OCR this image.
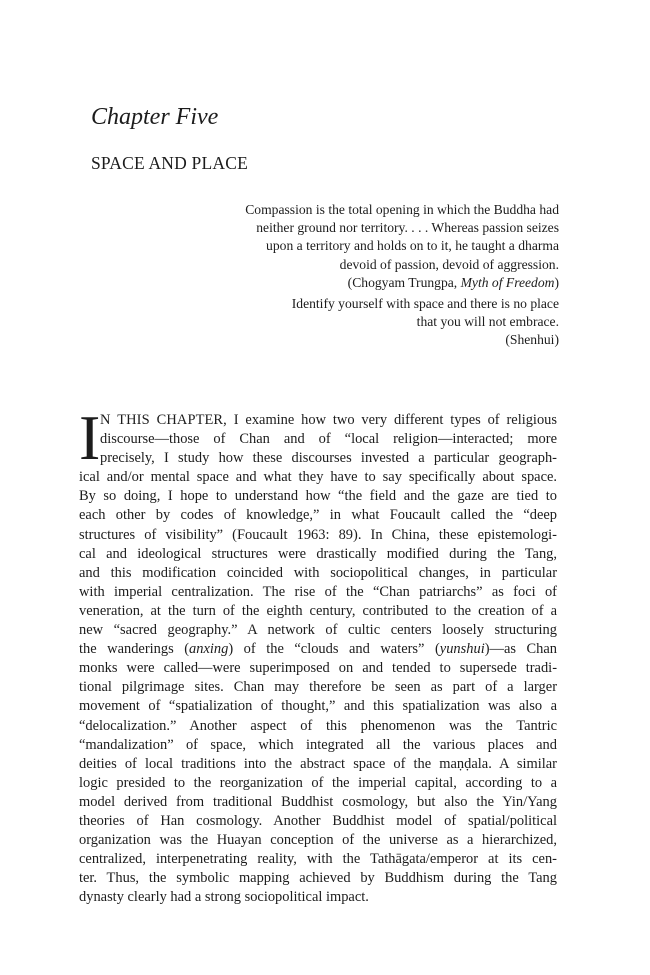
Chapter Five
SPACE AND PLACE
Compassion is the total opening in which the Buddha had
neither ground nor territory. . . . Whereas passion seizes
upon a territory and holds on to it, he taught a dharma
devoid of passion, devoid of aggression.
(Chogyam Trungpa, Myth of Freedom)
Identify yourself with space and there is no place
that you will not embrace.
(Shenhui)
I N THIS CHAPTER, I examine how two very different types of religious
discourse—those of Chan and of “local religion—interacted; more
precisely, I study how these discourses invested a particular geograph-
ical and/or mental space and what they have to say specifically about space.
By so doing, I hope to understand how “the field and the gaze are tied to
each other by codes of knowledge,” in what Foucault called the “deep
structures of visibility” (Foucault 1963: 89). In China, these epistemologi-
cal and ideological structures were drastically modified during the Tang,
and this modification coincided with sociopolitical changes, in particular
with imperial centralization. The rise of the “Chan patriarchs” as foci of
veneration, at the turn of the eighth century, contributed to the creation of a
new “sacred geography.” A network of cultic centers loosely structuring
the wanderings (anxing) of the “clouds and waters” (yunshui)—as Chan
monks were called—were superimposed on and tended to supersede tradi-
tional pilgrimage sites. Chan may therefore be seen as part of a larger
movement of “spatialization of thought,” and this spatialization was also a
“delocalization.” Another aspect of this phenomenon was the Tantric
“mandalization” of space, which integrated all the various places and
deities of local traditions into the abstract space of the maṇḍala. A similar
logic presided to the reorganization of the imperial capital, according to a
model derived from traditional Buddhist cosmology, but also the Yin/Yang
theories of Han cosmology. Another Buddhist model of spatial/political
organization was the Huayan conception of the universe as a hierarchized,
centralized, interpenetrating reality, with the Tathāgata/emperor at its cen-
ter. Thus, the symbolic mapping achieved by Buddhism during the Tang
dynasty clearly had a strong sociopolitical impact.
